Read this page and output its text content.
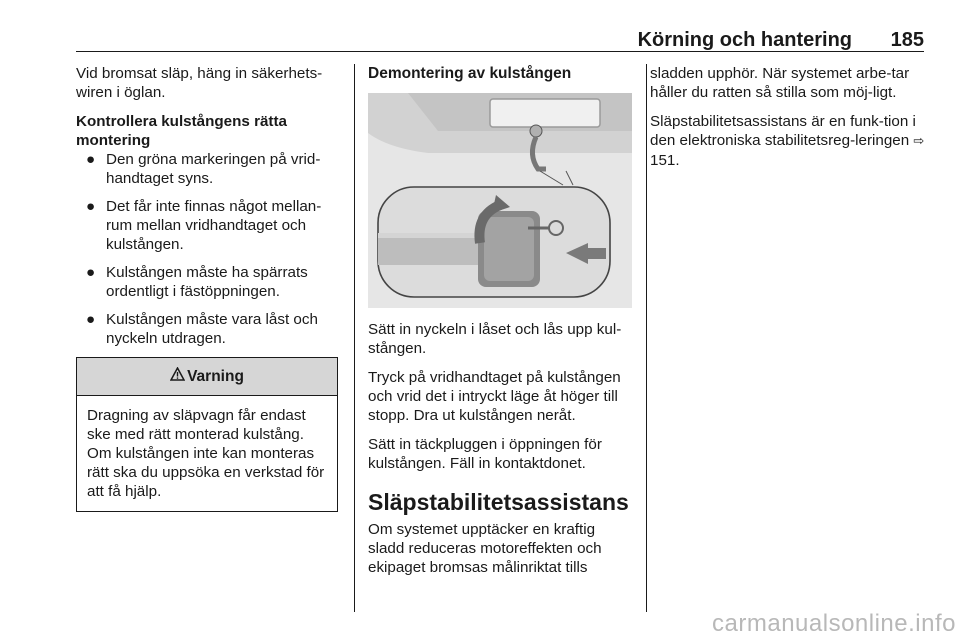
Körning och hantering 185

Vid bromsat släp, häng in säkerhets-wiren i öglan.

Kontrollera kulstångens rätta montering

● Den gröna markeringen på vrid-handtaget syns.
● Det får inte finnas något mellan-rum mellan vridhandtaget och kulstången.
● Kulstången måste ha spärrats ordentligt i fästöppningen.
● Kulstången måste vara låst och nyckeln utdragen.
Varning
Dragning av släpvagn får endast ske med rätt monterad kulstång. Om kulstången inte kan monteras rätt ska du uppsöka en verkstad för att få hjälp.

Demontering av kulstången

Sätt in nyckeln i låset och lås upp kul-stången.

Tryck på vridhandtaget på kulstången och vrid det i intryckt läge åt höger till stopp. Dra ut kulstången neråt.

Sätt in täckpluggen i öppningen för kulstången. Fäll in kontaktdonet.

Släpstabilitetsassistans

Om systemet upptäcker en kraftig sladd reduceras motoreffekten och ekipaget bromsas målinriktat tills

sladden upphör. När systemet arbe-tar håller du ratten så stilla som möj-ligt.

Släpstabilitetsassistans är en funk-tion i den elektroniska stabilitetsreg-leringen ⇨ 151.

carmanualsonline.info
